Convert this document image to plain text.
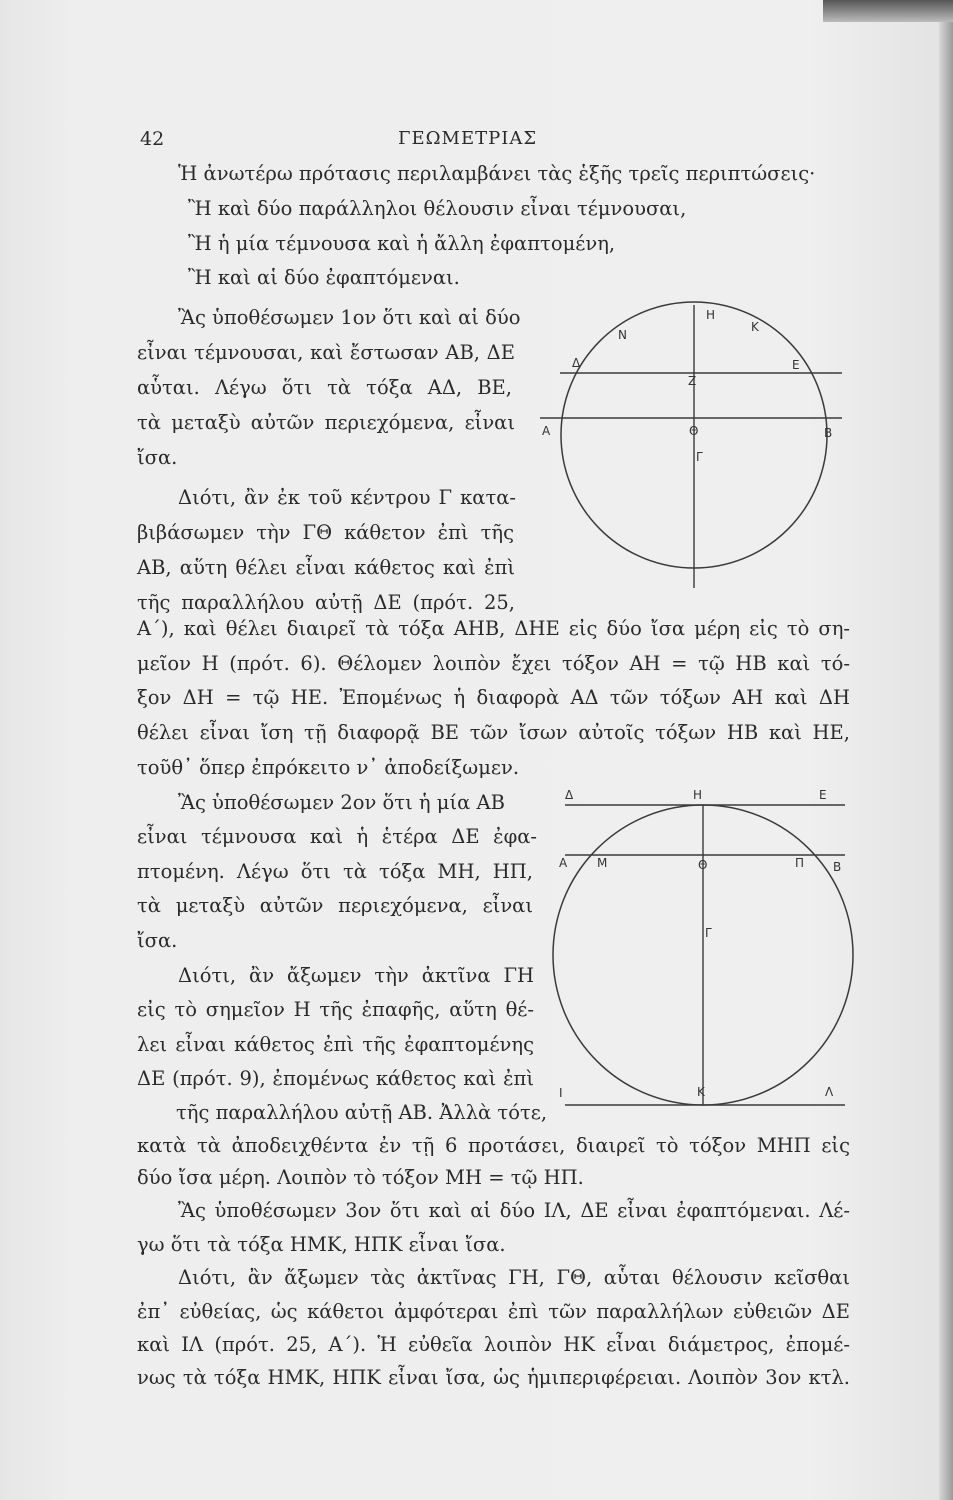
42	ΓΕΩΜΕΤΡΙΑΣ
Ἡ ἀνωτέρω πρότασις περιλαμβάνει τὰς ἑξῆς τρεῖς περιπτώσεις·
Ἢ καὶ δύο παράλληλοι θέλουσιν εἶναι τέμνουσαι,
Ἢ ἡ μία τέμνουσα καὶ ἡ ἄλλη ἐφαπτομένη,
Ἢ καὶ αἱ δύο ἐφαπτόμεναι.
Ἂς ὑποθέσωμεν 1ον ὅτι καὶ αἱ δύο
εἶναι τέμνουσαι, καὶ ἔστωσαν ΑΒ, ΔΕ
αὗται. Λέγω ὅτι τὰ τόξα ΑΔ, ΒΕ,
τὰ μεταξὺ αὐτῶν περιεχόμενα, εἶναι
ἴσα.
Διότι, ἂν ἐκ τοῦ κέντρου Γ κατα-
βιβάσωμεν τὴν ΓΘ κάθετον ἐπὶ τῆς
ΑΒ, αὕτη θέλει εἶναι κάθετος καὶ ἐπὶ
τῆς παραλλήλου αὐτῇ ΔΕ (πρότ. 25,
Α΄), καὶ θέλει διαιρεῖ τὰ τόξα ΑΗΒ, ΔΗΕ εἰς δύο ἴσα μέρη εἰς τὸ ση-
μεῖον Η (πρότ. 6). Θέλομεν λοιπὸν ἔχει τόξον ΑΗ = τῷ ΗΒ καὶ τό-
ξον ΔΗ = τῷ ΗΕ. Ἐπομένως ἡ διαφορὰ ΑΔ τῶν τόξων ΑΗ καὶ ΔΗ
θέλει εἶναι ἴση τῇ διαφορᾷ ΒΕ τῶν ἴσων αὐτοῖς τόξων ΗΒ καὶ ΗΕ,
τοῦθ᾽ ὅπερ ἐπρόκειτο ν᾽ ἀποδείξωμεν.
Ἂς ὑποθέσωμεν 2ον ὅτι ἡ μία ΑΒ
εἶναι τέμνουσα καὶ ἡ ἑτέρα ΔΕ ἐφα-
πτομένη. Λέγω ὅτι τὰ τόξα ΜΗ, ΗΠ,
τὰ μεταξὺ αὐτῶν περιεχόμενα, εἶναι
ἴσα.
Διότι, ἂν ἄξωμεν τὴν ἀκτῖνα ΓΗ
εἰς τὸ σημεῖον Η τῆς ἐπαφῆς, αὕτη θέ-
λει εἶναι κάθετος ἐπὶ τῆς ἐφαπτομένης
ΔΕ (πρότ. 9), ἐπομένως κάθετος καὶ ἐπὶ
τῆς παραλλήλου αὐτῇ ΑΒ. Ἀλλὰ τότε,
κατὰ τὰ ἀποδειχθέντα ἐν τῇ 6 προτάσει, διαιρεῖ τὸ τόξον ΜΗΠ εἰς
δύο ἴσα μέρη. Λοιπὸν τὸ τόξον ΜΗ = τῷ ΗΠ.
Ἂς ὑποθέσωμεν 3ον ὅτι καὶ αἱ δύο ΙΛ, ΔΕ εἶναι ἐφαπτόμεναι. Λέ-
γω ὅτι τὰ τόξα ΗΜΚ, ΗΠΚ εἶναι ἴσα.
Διότι, ἂν ἄξωμεν τὰς ἀκτῖνας ΓΗ, ΓΘ, αὗται θέλουσιν κεῖσθαι
ἐπ᾽ εὐθείας, ὡς κάθετοι ἀμφότεραι ἐπὶ τῶν παραλλήλων εὐθειῶν ΔΕ
καὶ ΙΛ (πρότ. 25, Α΄). Ἡ εὐθεῖα λοιπὸν ΗΚ εἶναι διάμετρος, ἐπομέ-
νως τὰ τόξα ΗΜΚ, ΗΠΚ εἶναι ἴσα, ὡς ἡμιπεριφέρειαι. Λοιπὸν 3ον κτλ.
Ν
Η
Κ
Δ	Ε
Ζ
Α	Θ	Β
Γ
Δ	Η	Ε
Α Μ	Θ	Π Β
Γ
Ι	Κ	Λ
